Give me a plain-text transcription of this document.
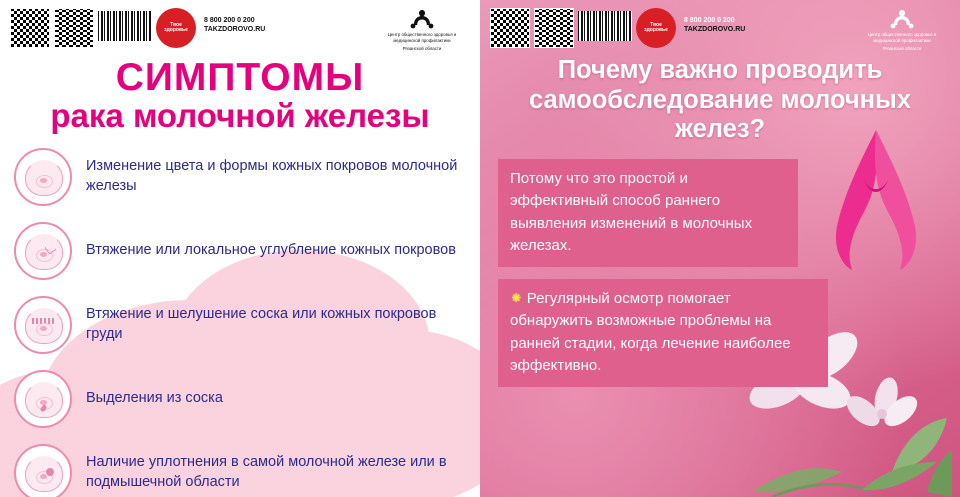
Твое
здоровье
8 800 200 0 200
TAKZDOROVO.RU
Центр общественного здоровья и медицинской профилактики
Рязанской области
СИМПТОМЫ
рака молочной железы
Изменение цвета и формы кожных покровов молочной железы
Втяжение или локальное углубление кожных покровов
Втяжение и шелушение соска или кожных покровов груди
Выделения из соска
Наличие уплотнения в самой молочной железе или в подмышечной области
Твое
здоровье
8 800 200 0 200
TAKZDOROVO.RU
Центр общественного здоровья и медицинской профилактики
Рязанской области
Почему важно проводить самообследование молочных желез?
Потому что это простой и эффективный способ раннего выявления изменений в молочных железах.
⁕ Регулярный осмотр помогает обнаружить возможные проблемы на ранней стадии, когда лечение наиболее эффективно.
